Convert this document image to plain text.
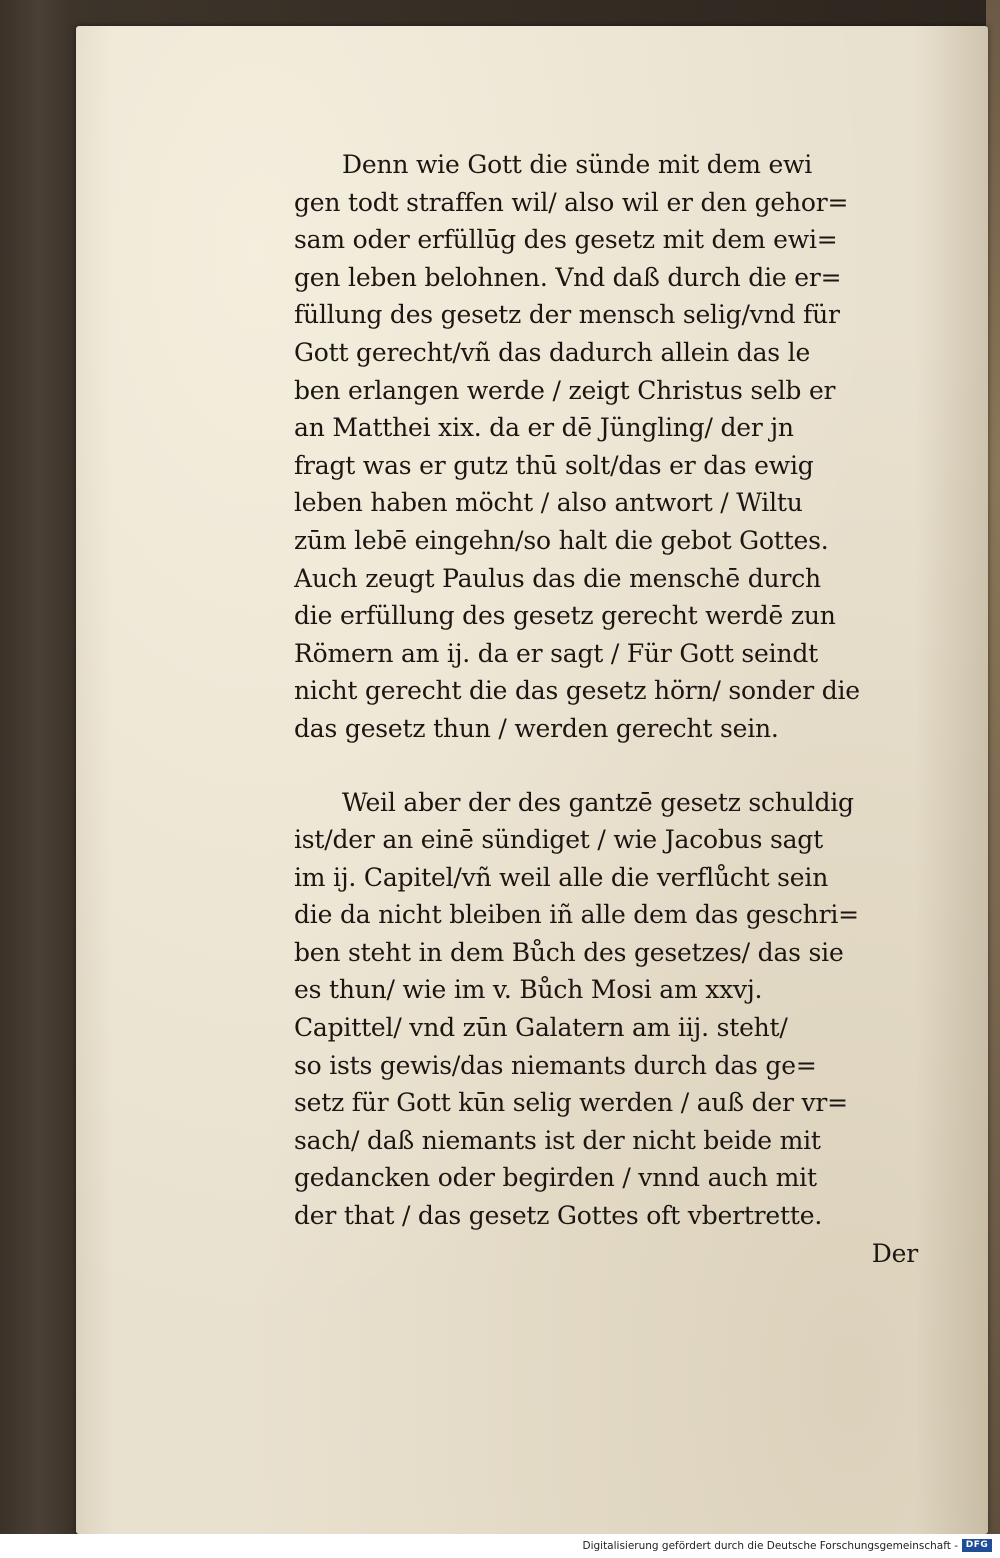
Denn wie Gott die sünde mit dem ewi
gen todt straffen wil/ also wil er den gehor=
sam oder erfüllūg des gesetz mit dem ewi=
gen leben belohnen. Vnd daß durch die er=
füllung des gesetz der mensch selig/vnd für
Gott gerecht/vñ das dadurch allein das le
ben erlangen werde / zeigt Christus selb er
an Matthei xix. da er dē Jüngling/ der jn
fragt was er gutz thū solt/das er das ewig
leben haben möcht / also antwort / Wiltu
zūm lebē eingehn/so halt die gebot Gottes.
Auch zeugt Paulus das die menschē durch
die erfüllung des gesetz gerecht werdē zun
Römern am ij. da er sagt / Für Gott seindt
nicht gerecht die das gesetz hörn/ sonder die
das gesetz thun / werden gerecht sein.
Weil aber der des gantzē gesetz schuldig
ist/der an einē sündiget / wie Jacobus sagt
im ij. Capitel/vñ weil alle die verflůcht sein
die da nicht bleiben iñ alle dem das geschri=
ben steht in dem Bůch des gesetzes/ das sie
es thun/ wie im v. Bůch Mosi am xxvj.
Capittel/ vnd zūn Galatern am iij. steht/
so ists gewis/das niemants durch das ge=
setz für Gott kūn selig werden / auß der vr=
sach/ daß niemants ist der nicht beide mit
gedancken oder begirden / vnnd auch mit
der that / das gesetz Gottes oft vbertrette.
Der
Digitalisierung gefördert durch die Deutsche Forschungsgemeinschaft - DFG
